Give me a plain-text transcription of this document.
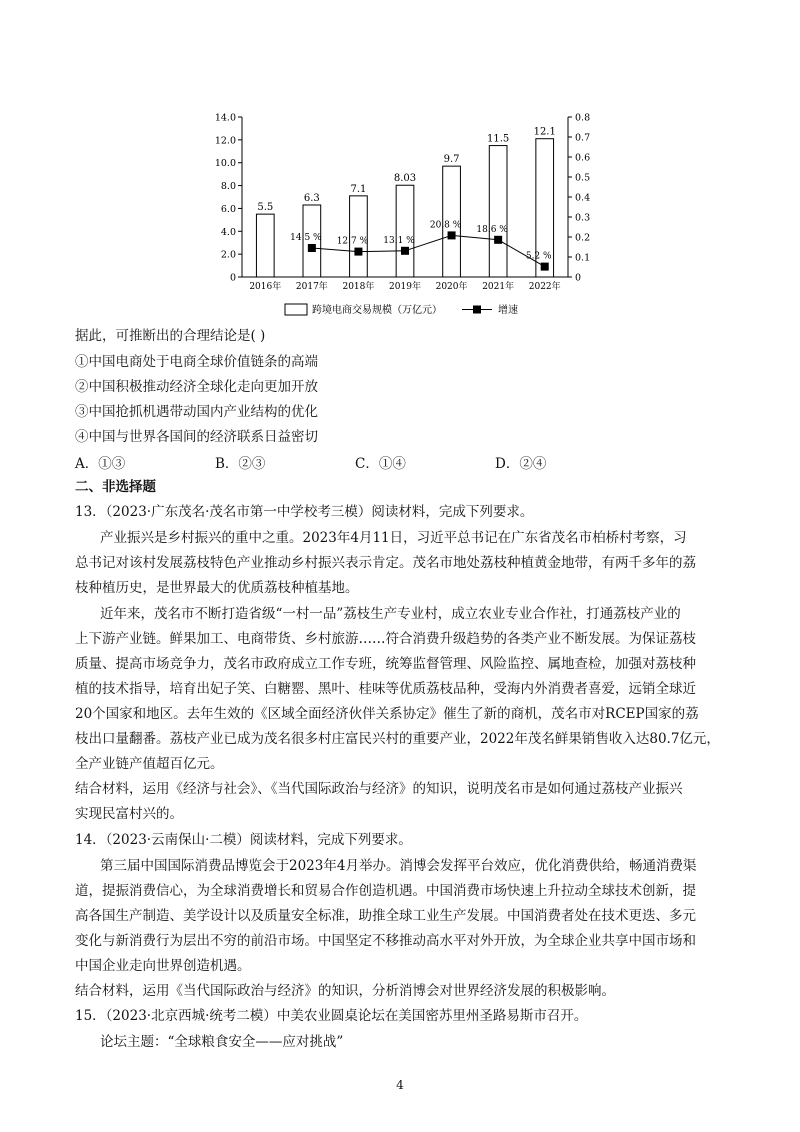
0
2.0
4.0
6.0
8.0
10.0
12.0
14.0
0
0.1
0.2
0.3
0.4
0.5
0.6
0.7
0.8
5.5
6.3
7.1
8.03
9.7
11.5
12.1
2016年 2017年 2018年 2019年 2020年 2021年 2022年
14.5 % 12.7 % 13.1 %
20.8 % 18.6 %
5.2 %
跨境电商交易规模（万亿元）	增速
据此，可推断出的合理结论是( )
①中国电商处于电商全球价值链条的高端
②中国积极推动经济全球化走向更加开放
③中国抢抓机遇带动国内产业结构的优化
④中国与世界各国间的经济联系日益密切
A．①③	B．②③	C．①④	D．②④
二、非选择题
13．（2023·广东茂名·茂名市第一中学校考三模）阅读材料，完成下列要求。
产业振兴是乡村振兴的重中之重。2023年4月11日，习近平总书记在广东省茂名市柏桥村考察，习
总书记对该村发展荔枝特色产业推动乡村振兴表示肯定。茂名市地处荔枝种植黄金地带，有两千多年的荔
枝种植历史，是世界最大的优质荔枝种植基地。
近年来，茂名市不断打造省级“一村一品”荔枝生产专业村，成立农业专业合作社，打通荔枝产业的
上下游产业链。鲜果加工、电商带货、乡村旅游……符合消费升级趋势的各类产业不断发展。为保证荔枝
质量、提高市场竞争力，茂名市政府成立工作专班，统筹监督管理、风险监控、属地查检，加强对荔枝种
植的技术指导，培育出妃子笑、白糖罂、黑叶、桂味等优质荔枝品种，受海内外消费者喜爱，远销全球近
20个国家和地区。去年生效的《区域全面经济伙伴关系协定》催生了新的商机，茂名市对RCEP国家的荔
枝出口量翻番。荔枝产业已成为茂名很多村庄富民兴村的重要产业，2022年茂名鲜果销售收入达80.7亿元，
全产业链产值超百亿元。
结合材料，运用《经济与社会》、《当代国际政治与经济》的知识，说明茂名市是如何通过荔枝产业振兴
实现民富村兴的。
14．（2023·云南保山·二模）阅读材料，完成下列要求。
第三届中国国际消费品博览会于2023年4月举办。消博会发挥平台效应，优化消费供给，畅通消费渠
道，提振消费信心，为全球消费增长和贸易合作创造机遇。中国消费市场快速上升拉动全球技术创新，提
高各国生产制造、美学设计以及质量安全标准，助推全球工业生产发展。中国消费者处在技术更迭、多元
变化与新消费行为层出不穷的前沿市场。中国坚定不移推动高水平对外开放，为全球企业共享中国市场和
中国企业走向世界创造机遇。
结合材料，运用《当代国际政治与经济》的知识，分析消博会对世界经济发展的积极影响。
15．（2023·北京西城·统考二模）中美农业圆桌论坛在美国密苏里州圣路易斯市召开。
论坛主题：“全球粮食安全——应对挑战”
4
